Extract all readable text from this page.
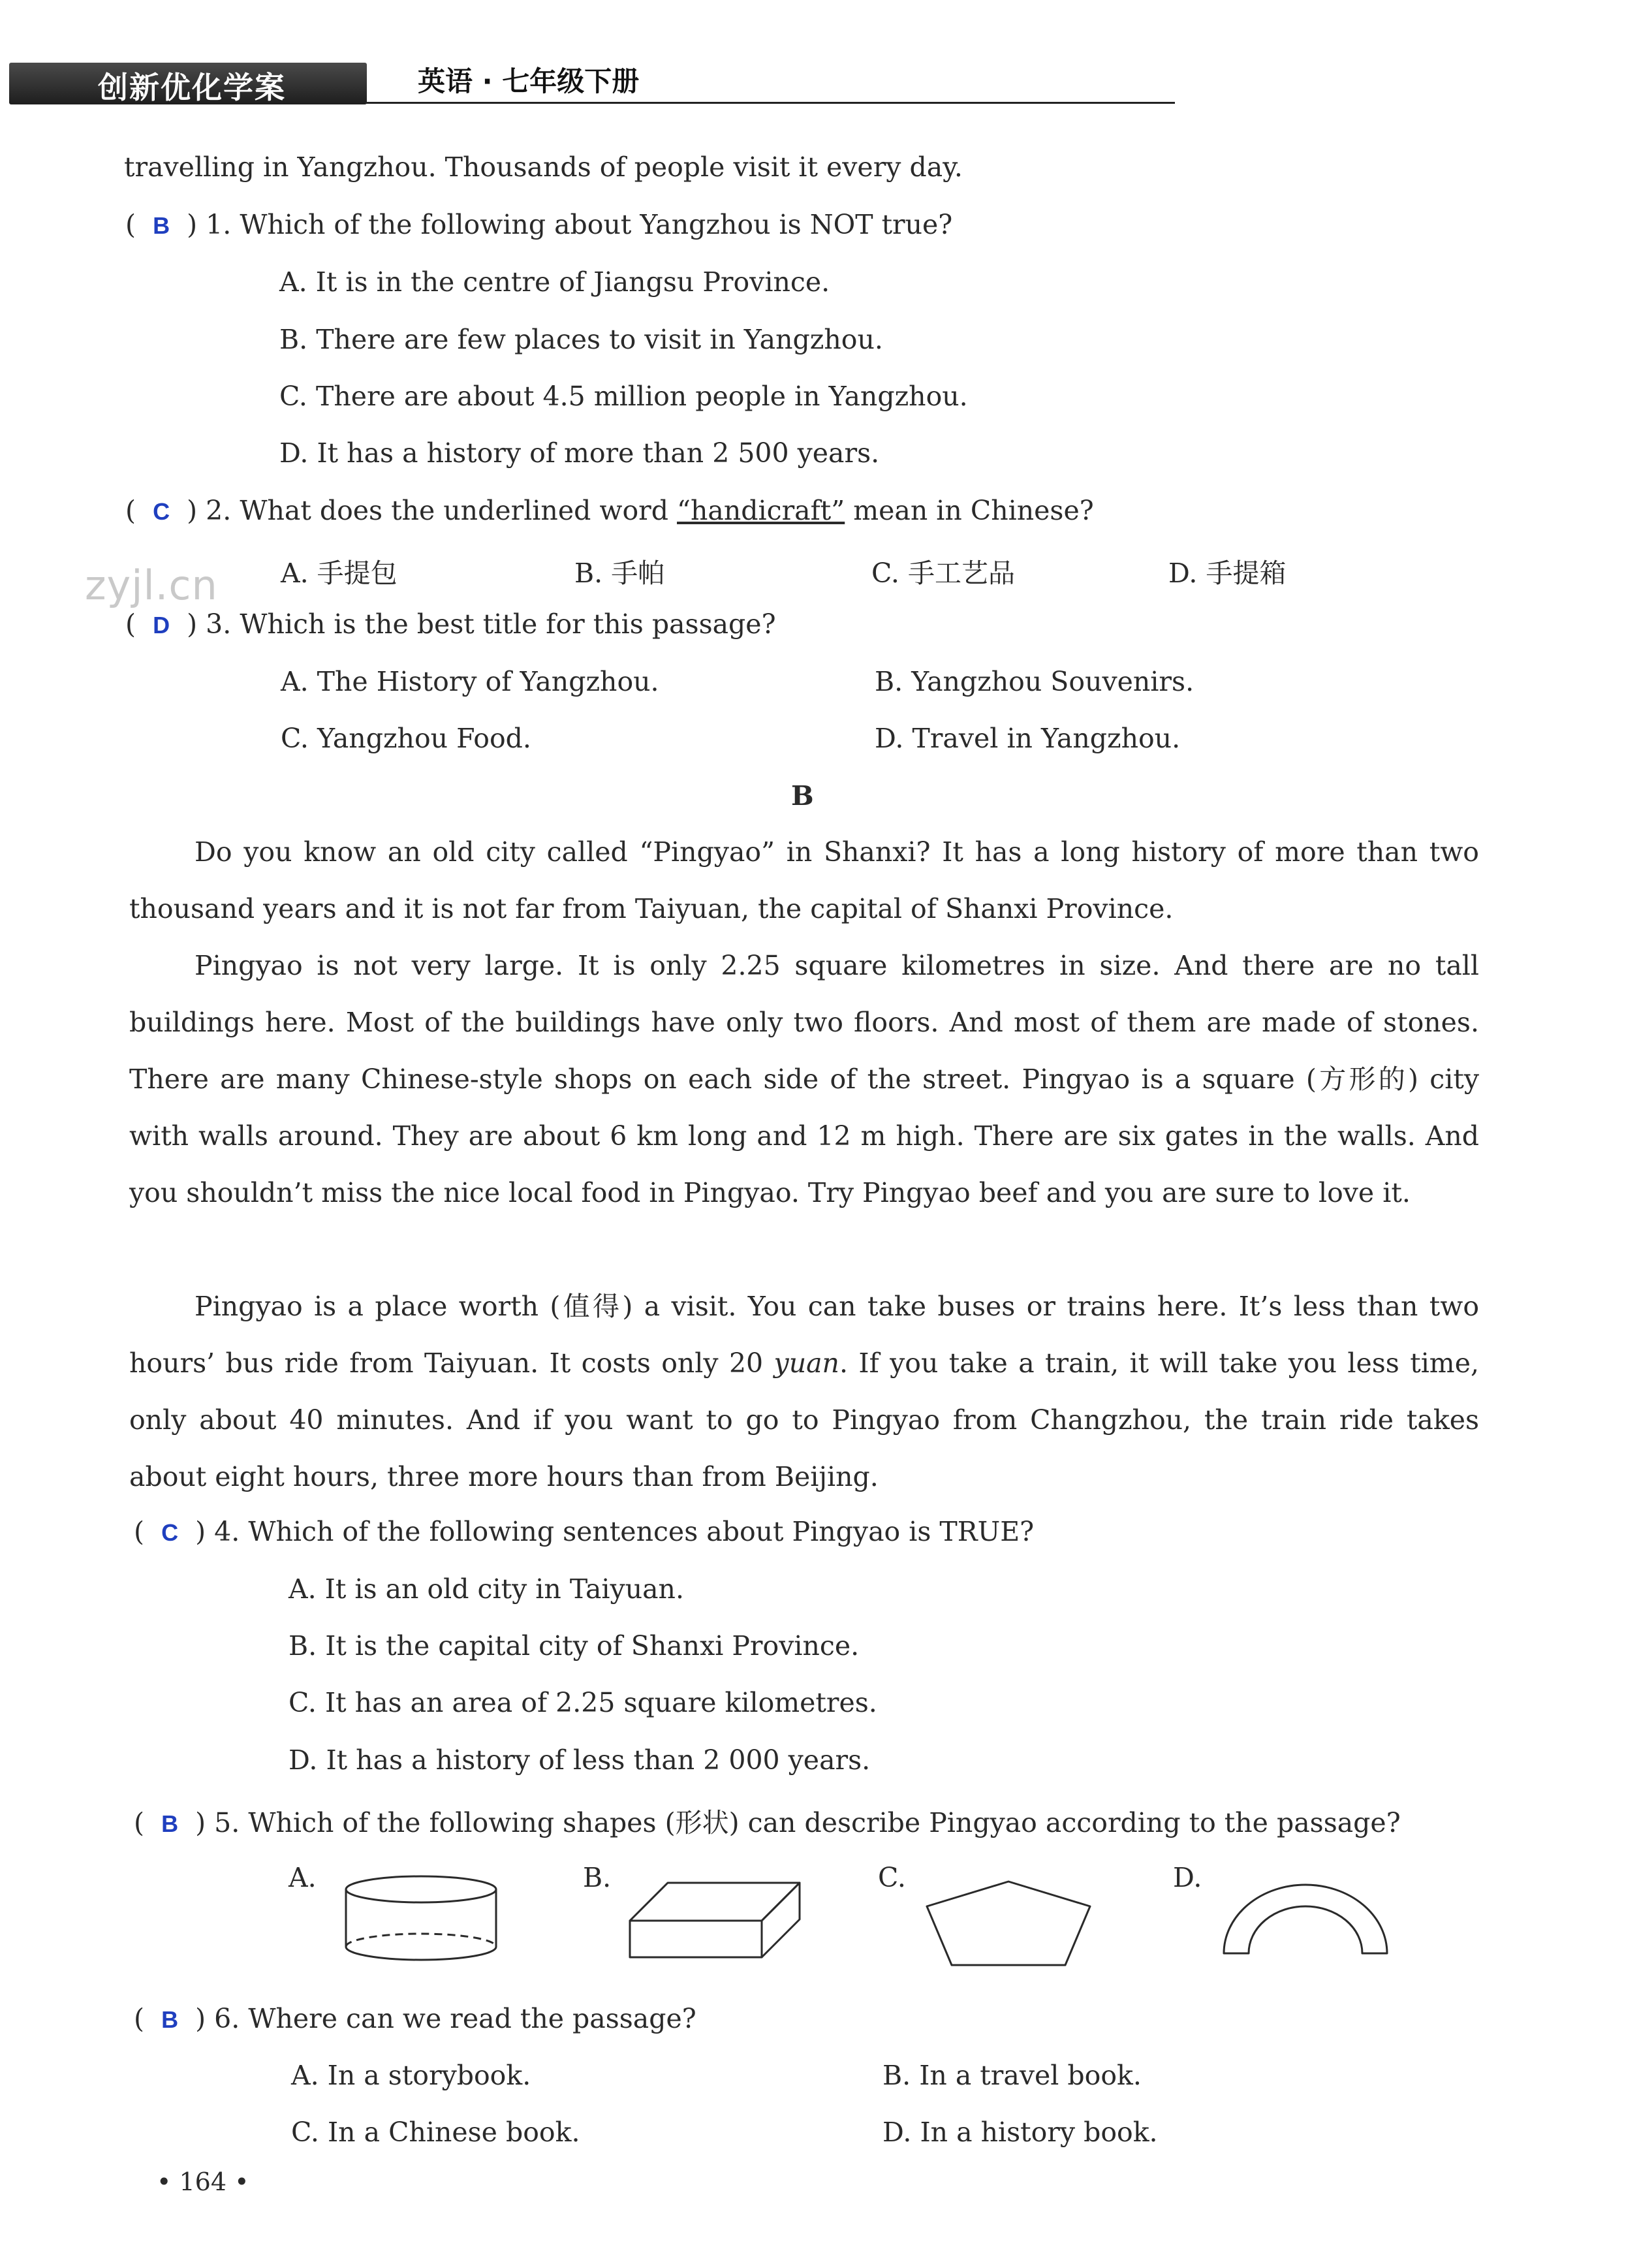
创新优化学案	英语 · 七年级下册
zyjl.cn
travelling in Yangzhou. Thousands of people visit it every day.
(  B  ) 1. Which of the following about Yangzhou is NOT true?
A. It is in the centre of Jiangsu Province.
B. There are few places to visit in Yangzhou.
C. There are about 4.5 million people in Yangzhou.
D. It has a history of more than 2 500 years.
(  C  ) 2. What does the underlined word “handicraft” mean in Chinese?
A. 手提包	B. 手帕	C. 手工艺品	D. 手提箱
(  D  ) 3. Which is the best title for this passage?
A. The History of Yangzhou.	B. Yangzhou Souvenirs.
C. Yangzhou Food.	D. Travel in Yangzhou.
B
Do you know an old city called “Pingyao” in Shanxi? It has a long history of more than two thousand years and it is not far from Taiyuan, the capital of Shanxi Province.
Pingyao is not very large. It is only 2.25 square kilometres in size. And there are no tall buildings here. Most of the buildings have only two floors. And most of them are made of stones. There are many Chinese-style shops on each side of the street. Pingyao is a square (方形的) city with walls around. They are about 6 km long and 12 m high. There are six gates in the walls. And you shouldn’t miss the nice local food in Pingyao. Try Pingyao beef and you are sure to love it.
Pingyao is a place worth (值得) a visit. You can take buses or trains here. It’s less than two hours’ bus ride from Taiyuan. It costs only 20 yuan. If you take a train, it will take you less time, only about 40 minutes. And if you want to go to Pingyao from Changzhou, the train ride takes about eight hours, three more hours than from Beijing.
(  C  ) 4. Which of the following sentences about Pingyao is TRUE?
A. It is an old city in Taiyuan.
B. It is the capital city of Shanxi Province.
C. It has an area of 2.25 square kilometres.
D. It has a history of less than 2 000 years.
(  B  ) 5. Which of the following shapes (形状) can describe Pingyao according to the passage?
A.	B.	C.	D.
(  B  ) 6. Where can we read the passage?
A. In a storybook.	B. In a travel book.
C. In a Chinese book.	D. In a history book.
• 164 •
